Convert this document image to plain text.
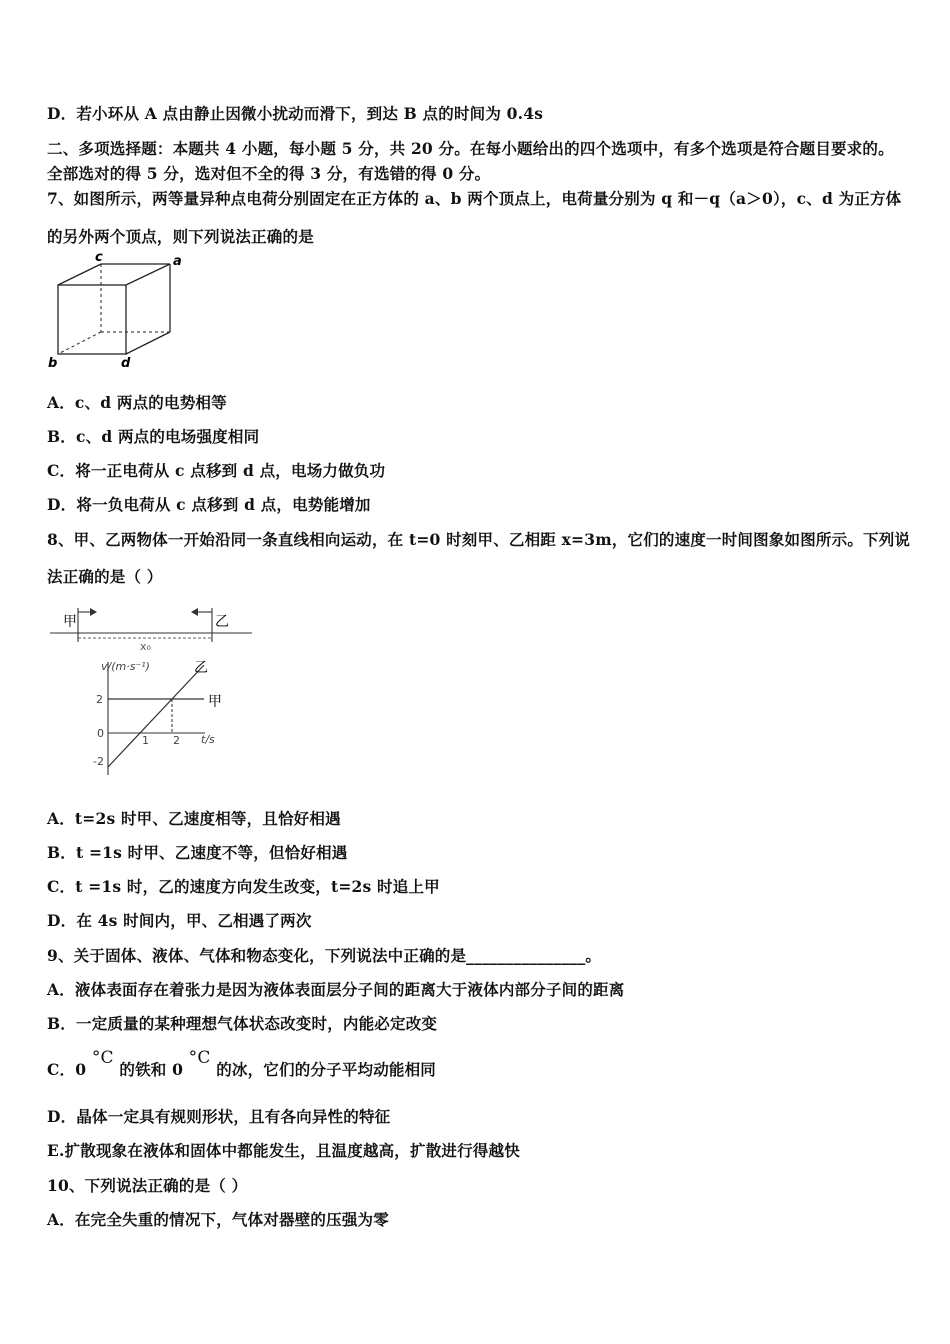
D．若小环从 A 点由静止因微小扰动而滑下，到达 B 点的时间为 0.4s
二、多项选择题：本题共 4 小题，每小题 5 分，共 20 分。在每小题给出的四个选项中，有多个选项是符合题目要求的。
全部选对的得 5 分，选对但不全的得 3 分，有选错的得 0 分。
7、如图所示，两等量异种点电荷分别固定在正方体的 a、b 两个顶点上，电荷量分别为 q 和－q（a＞0），c、d 为正方体
的另外两个顶点，则下列说法正确的是
c	a
b	d
A．c、d 两点的电势相等
B．c、d 两点的电场强度相同
C．将一正电荷从 c 点移到 d 点，电场力做负功
D．将一负电荷从 c 点移到 d 点，电势能增加
8、甲、乙两物体一开始沿同一条直线相向运动，在 t=0 时刻甲、乙相距 x=3m，它们的速度一时间图象如图所示。下列说
法正确的是（ ）
甲	乙
x₀
v/(m·s⁻¹)
t/s
2
0
-2
1 2
乙
甲
A．t=2s 时甲、乙速度相等，且恰好相遇
B．t =1s 时甲、乙速度不等，但恰好相遇
C．t =1s 时，乙的速度方向发生改变，t=2s 时追上甲
D．在 4s 时间内，甲、乙相遇了两次
9、关于固体、液体、气体和物态变化，下列说法中正确的是_______________。
A．液体表面存在着张力是因为液体表面层分子间的距离大于液体内部分子间的距离
B．一定质量的某种理想气体状态改变时，内能必定改变
C．0 °C 的铁和 0 °C 的冰，它们的分子平均动能相同
D．晶体一定具有规则形状，且有各向异性的特征
E.扩散现象在液体和固体中都能发生，且温度越高，扩散进行得越快
10、下列说法正确的是（ ）
A．在完全失重的情况下，气体对器壁的压强为零
